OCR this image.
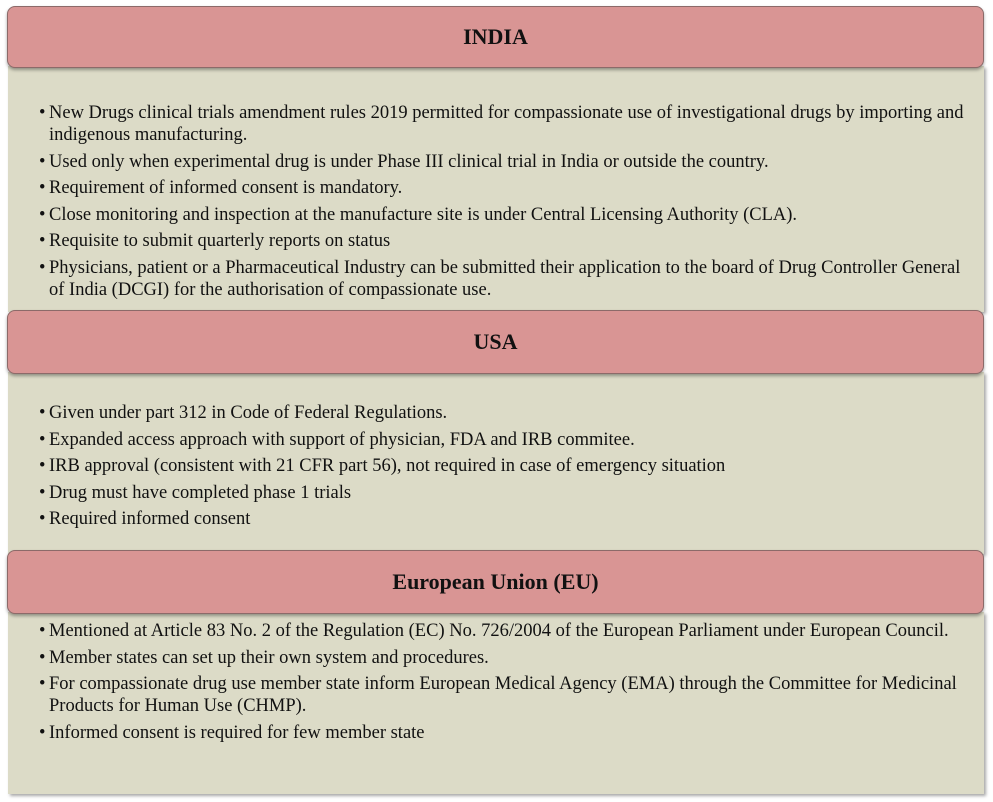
• New Drugs clinical trials amendment rules 2019 permitted for compassionate use of investigational drugs by importing and indigenous manufacturing.
• Used only when experimental drug is under Phase III clinical trial in India or outside the country.
• Requirement of informed consent is mandatory.
• Close monitoring and inspection at the manufacture site is under Central Licensing Authority (CLA).
• Requisite to submit quarterly reports on status
• Physicians, patient or a Pharmaceutical Industry can be submitted their application to the board of Drug Controller General of India (DCGI) for the authorisation of compassionate use.
INDIA
• Given under part 312 in Code of Federal Regulations.
• Expanded access approach with support of physician, FDA and IRB commitee.
• IRB approval (consistent with 21 CFR part 56), not required in case of emergency situation
• Drug must have completed phase 1 trials
• Required informed consent
USA
• Mentioned at Article 83 No. 2 of the Regulation (EC) No. 726/2004 of the European Parliament under European Council.
• Member states can set up their own system and procedures.
• For compassionate drug use member state inform European Medical Agency (EMA) through the Committee for Medicinal Products for Human Use (CHMP).
• Informed consent is required for few member state
European Union (EU)
